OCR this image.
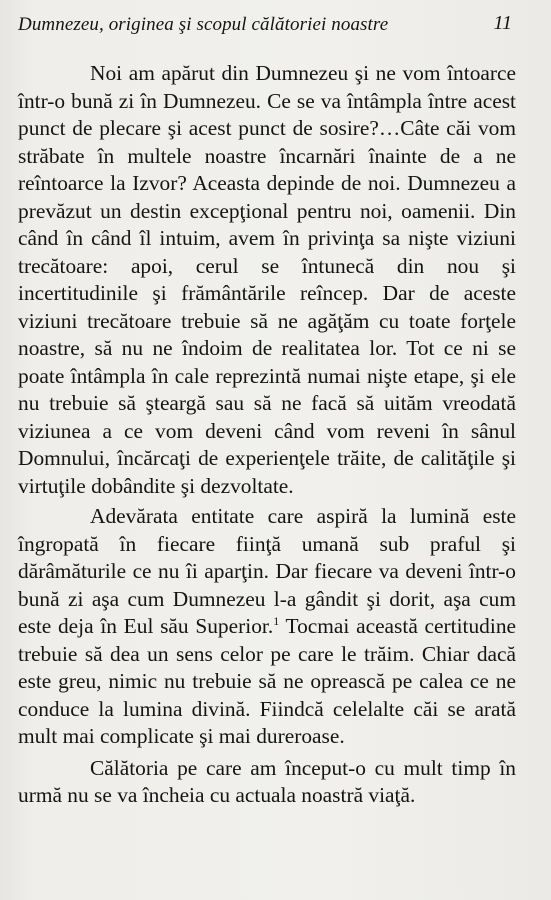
Dumnezeu, originea şi scopul călătoriei noastre	11

Noi am apărut din Dumnezeu şi ne vom întoarce într-o bună zi în Dumnezeu. Ce se va întâmpla între acest punct de plecare şi acest punct de sosire?…Câte căi vom străbate în multele noastre încarnări înainte de a ne reîntoarce la Izvor? Aceasta depinde de noi. Dumnezeu a prevăzut un destin excepţional pentru noi, oamenii. Din când în când îl intuim, avem în privinţa sa nişte viziuni trecătoare: apoi, cerul se întunecă din nou şi incertitudinile şi frământările reîncep. Dar de aceste viziuni trecătoare trebuie să ne agăţăm cu toate forţele noastre, să nu ne îndoim de realitatea lor. Tot ce ni se poate întâmpla în cale reprezintă numai nişte etape, şi ele nu trebuie să şteargă sau să ne facă să uităm vreodată viziunea a ce vom deveni când vom reveni în sânul Domnului, încărcaţi de experienţele trăite, de calităţile şi virtuţile dobândite şi dezvoltate.

Adevărata entitate care aspiră la lumină este îngropată în fiecare fiinţă umană sub praful şi dărâmăturile ce nu îi aparţin. Dar fiecare va deveni într-o bună zi aşa cum Dumnezeu l-a gândit şi dorit, aşa cum este deja în Eul său Superior.$^1$ Tocmai această certitudine trebuie să dea un sens celor pe care le trăim. Chiar dacă este greu, nimic nu trebuie să ne oprească pe calea ce ne conduce la lumina divină. Fiindcă celelalte căi se arată mult mai complicate şi mai dureroase.

Călătoria pe care am început-o cu mult timp în urmă nu se va încheia cu actuala noastră viaţă.
